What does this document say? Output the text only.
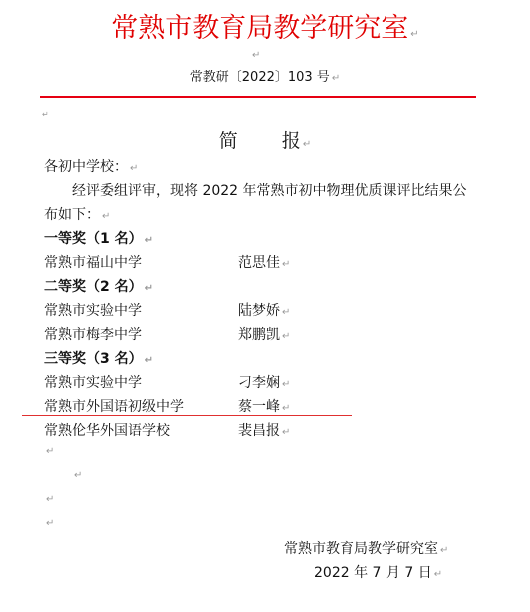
常熟市教育局教学研究室 ↵
↵
常教研〔2022〕103 号 ↵
↵
简 报 ↵
各初中学校： ↵
经评委组评审，现将 2022 年常熟市初中物理优质课评比结果公
布如下： ↵
一等奖（1 名） ↵
常熟市福山中学	范思佳 ↵
二等奖（2 名） ↵
常熟市实验中学	陆梦娇 ↵
常熟市梅李中学	郑鹏凯 ↵
三等奖（3 名） ↵
常熟市实验中学	刁李娴 ↵
常熟市外国语初级中学	蔡一峰 ↵
常熟伦华外国语学校	裴昌报 ↵
↵
↵
↵
↵
常熟市教育局教学研究室 ↵
2022 年 7 月 7 日 ↵
